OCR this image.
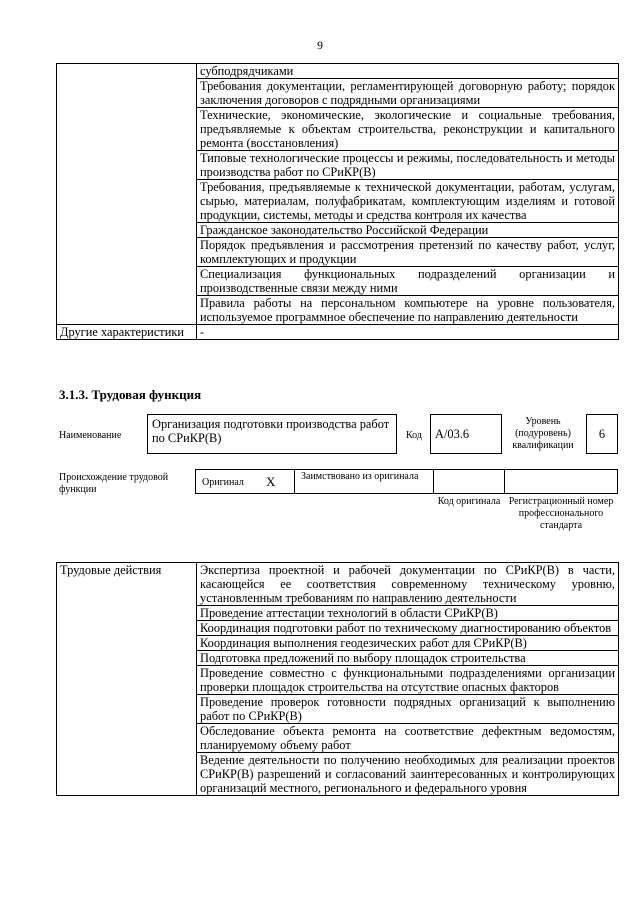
9
	субподрядчиками
	Требования документации, регламентирующей договорную работу; порядок заключения договоров с подрядными организациями
	Технические, экономические, экологические и социальные требования, предъявляемые к объектам строительства, реконструкции и капитального ремонта (восстановления)
	Типовые технологические процессы и режимы, последовательность и методы производства работ по СРиКР(В)
	Требования, предъявляемые к технической документации, работам, услугам, сырью, материалам, полуфабрикатам, комплектующим изделиям и готовой продукции, системы, методы и средства контроля их качества
	Гражданское законодательство Российской Федерации
	Порядок предъявления и рассмотрения претензий по качеству работ, услуг, комплектующих и продукции
	Специализация функциональных подразделений организации и производственные связи между ними
	Правила работы на персональном компьютере на уровне пользователя, используемое программное обеспечение по направлению деятельности
Другие характеристики	-
3.1.3. Трудовая функция
Наименование
Организация подготовки производства работ по СРиКР(В)	Код	А/03.6
Уровень (подуровень) квалификации
6
Происхождение трудовой функции
Оригинал X	Заимствовано из оригинала
Код оригинала Регистрационный номер профессионального стандарта
Трудовые действия	Экспертиза проектной и рабочей документации по СРиКР(В) в части, касающейся ее соответствия современному техническому уровню, установленным требованиям по направлению деятельности
Проведение аттестации технологий в области СРиКР(В)
Координация подготовки работ по техническому диагностированию объектов
Координация выполнения геодезических работ для СРиКР(В)
Подготовка предложений по выбору площадок строительства
Проведение совместно с функциональными подразделениями организации проверки площадок строительства на отсутствие опасных факторов
Проведение проверок готовности подрядных организаций к выполнению работ по СРиКР(В)
Обследование объекта ремонта на соответствие дефектным ведомостям, планируемому объему работ
Ведение деятельности по получению необходимых для реализации проектов СРиКР(В) разрешений и согласований заинтересованных и контролирующих организаций местного, регионального и федерального уровня
